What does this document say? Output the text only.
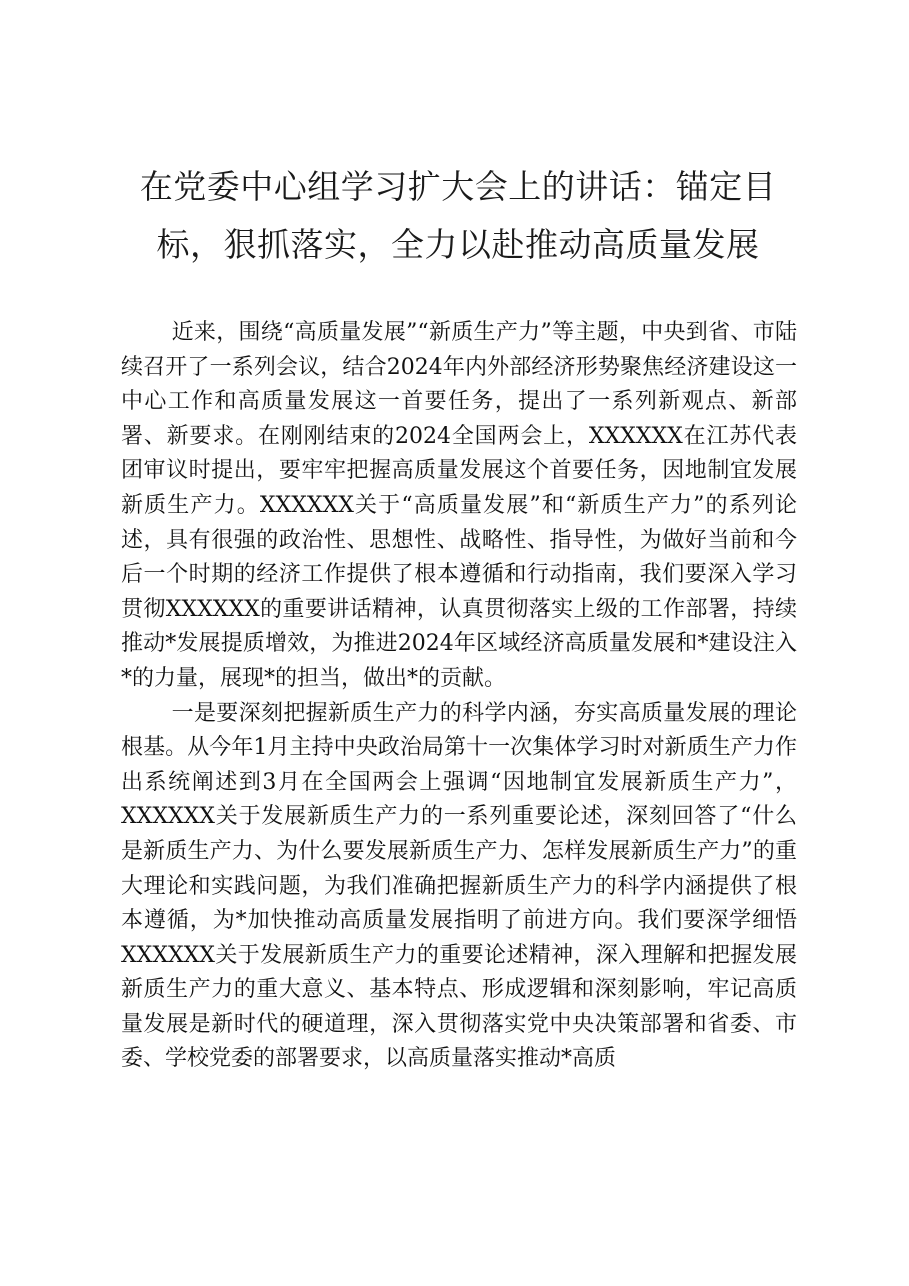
在党委中心组学习扩大会上的讲话：锚定目标，狠抓落实，全力以赴推动高质量发展

近来，围绕“高质量发展”“新质生产力”等主题，中央到省、市陆续召开了一系列会议，结合2024年内外部经济形势聚焦经济建设这一中心工作和高质量发展这一首要任务，提出了一系列新观点、新部署、新要求。在刚刚结束的2024全国两会上，XXXXXX在江苏代表团审议时提出，要牢牢把握高质量发展这个首要任务，因地制宜发展新质生产力。XXXXXX关于“高质量发展”和“新质生产力”的系列论述，具有很强的政治性、思想性、战略性、指导性，为做好当前和今后一个时期的经济工作提供了根本遵循和行动指南，我们要深入学习贯彻XXXXXX的重要讲话精神，认真贯彻落实上级的工作部署，持续推动*发展提质增效，为推进2024年区域经济高质量发展和*建设注入*的力量，展现*的担当，做出*的贡献。

一是要深刻把握新质生产力的科学内涵，夯实高质量发展的理论根基。从今年1月主持中央政治局第十一次集体学习时对新质生产力作出系统阐述到3月在全国两会上强调“因地制宜发展新质生产力”，XXXXXX关于发展新质生产力的一系列重要论述，深刻回答了“什么是新质生产力、为什么要发展新质生产力、怎样发展新质生产力”的重大理论和实践问题，为我们准确把握新质生产力的科学内涵提供了根本遵循，为*加快推动高质量发展指明了前进方向。我们要深学细悟XXXXXX关于发展新质生产力的重要论述精神，深入理解和把握发展新质生产力的重大意义、基本特点、形成逻辑和深刻影响，牢记高质量发展是新时代的硬道理，深入贯彻落实党中央决策部署和省委、市委、学校党委的部署要求，以高质量落实推动*高质
